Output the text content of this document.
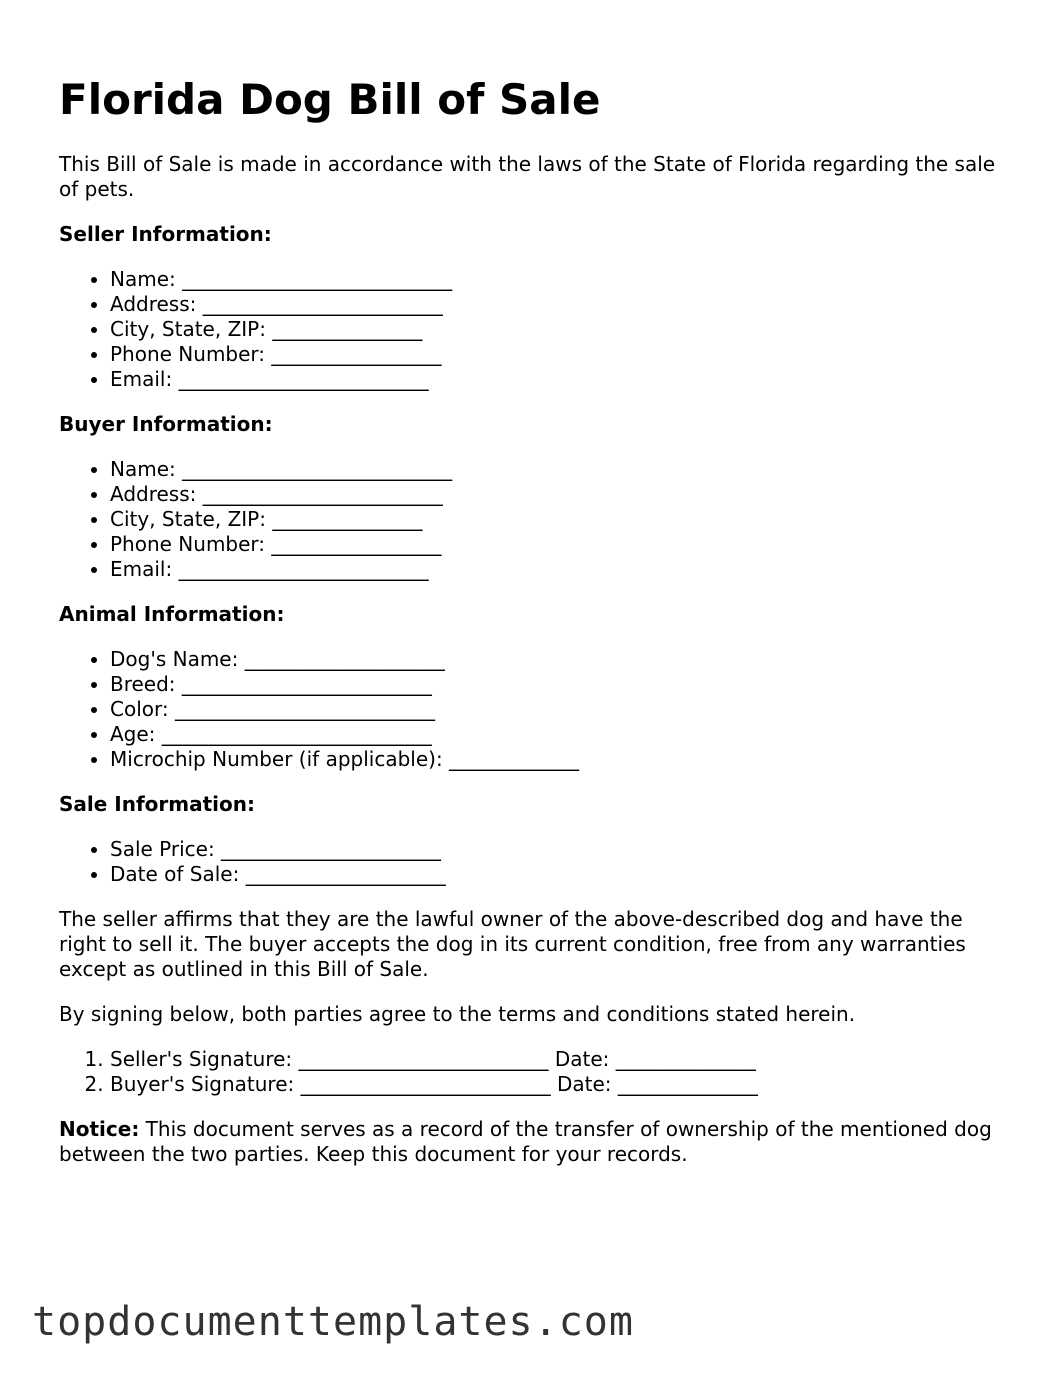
Florida Dog Bill of Sale

This Bill of Sale is made in accordance with the laws of the State of Florida regarding the sale of pets.

Seller Information:
• Name: ___________________________
• Address: ________________________
• City, State, ZIP: _______________
• Phone Number: _________________
• Email: _________________________
Buyer Information:
• Name: ___________________________
• Address: ________________________
• City, State, ZIP: _______________
• Phone Number: _________________
• Email: _________________________
Animal Information:
• Dog's Name: ____________________
• Breed: _________________________
• Color: __________________________
• Age: ___________________________
• Microchip Number (if applicable): _____________
Sale Information:
• Sale Price: ______________________
• Date of Sale: ____________________

The seller affirms that they are the lawful owner of the above-described dog and have the right to sell it. The buyer accepts the dog in its current condition, free from any warranties except as outlined in this Bill of Sale.

By signing below, both parties agree to the terms and conditions stated herein.

1. Seller's Signature: _________________________ Date: ______________
2. Buyer's Signature: _________________________ Date: ______________

Notice: This document serves as a record of the transfer of ownership of the mentioned dog between the two parties. Keep this document for your records.

topdocumenttemplates.com
